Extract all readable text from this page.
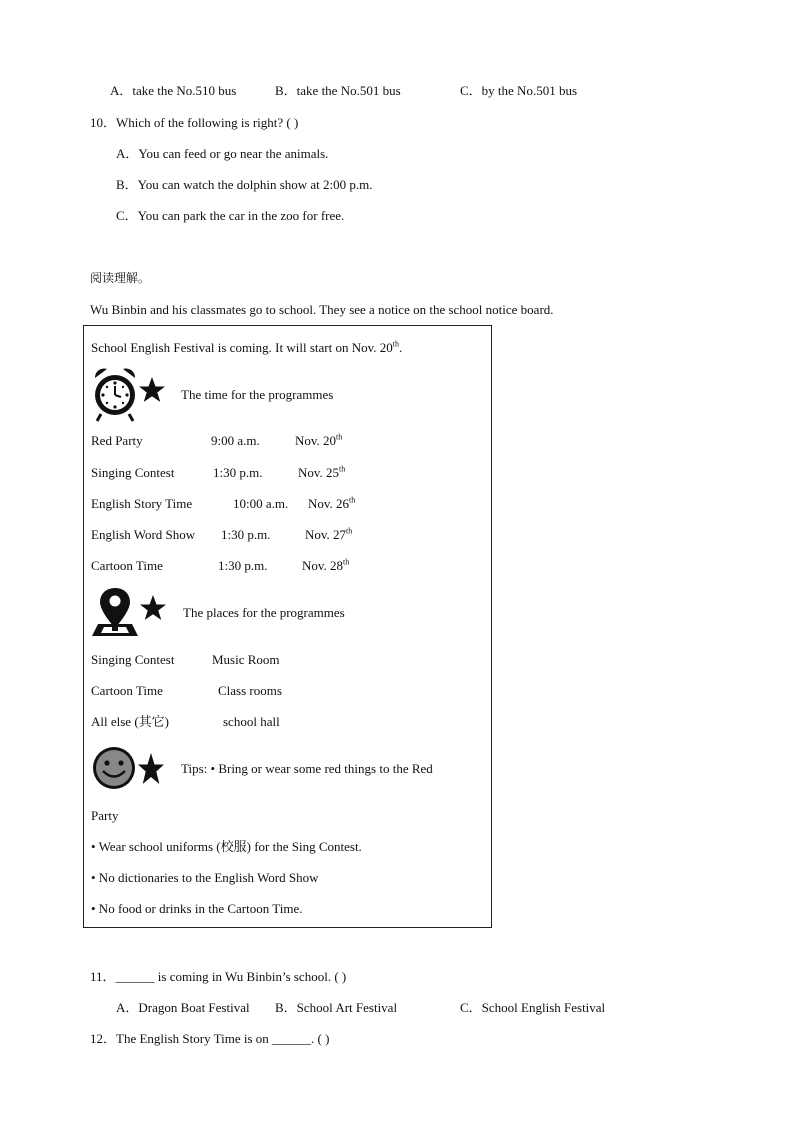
A．take the No.510 bus	B．take the No.501 bus	C．by the No.501 bus
10．Which of the following is right? ( )
A．You can feed or go near the animals.
B．You can watch the dolphin show at 2:00 p.m.
C．You can park the car in the zoo for free.
阅读理解。
Wu Binbin and his classmates go to school. They see a notice on the school notice board.
School English Festival is coming. It will start on Nov. 20th.
The time for the programmes
Red Party	9:00 a.m.	Nov. 20th
Singing Contest	1:30 p.m.	Nov. 25th
English Story Time	10:00 a.m. Nov. 26th
English Word Show 1:30 p.m.	Nov. 27th
Cartoon Time	1:30 p.m.	Nov. 28th
The places for the programmes
Singing Contest	Music Room
Cartoon Time	Class rooms
All else (其它)	school hall
Tips: • Bring or wear some red things to the Red
Party
• Wear school uniforms (校服) for the Sing Contest.
• No dictionaries to the English Word Show
• No food or drinks in the Cartoon Time.
11．______ is coming in Wu Binbin’s school. ( )
A．Dragon Boat Festival B．School Art Festival	C．School English Festival
12．The English Story Time is on ______. ( )
